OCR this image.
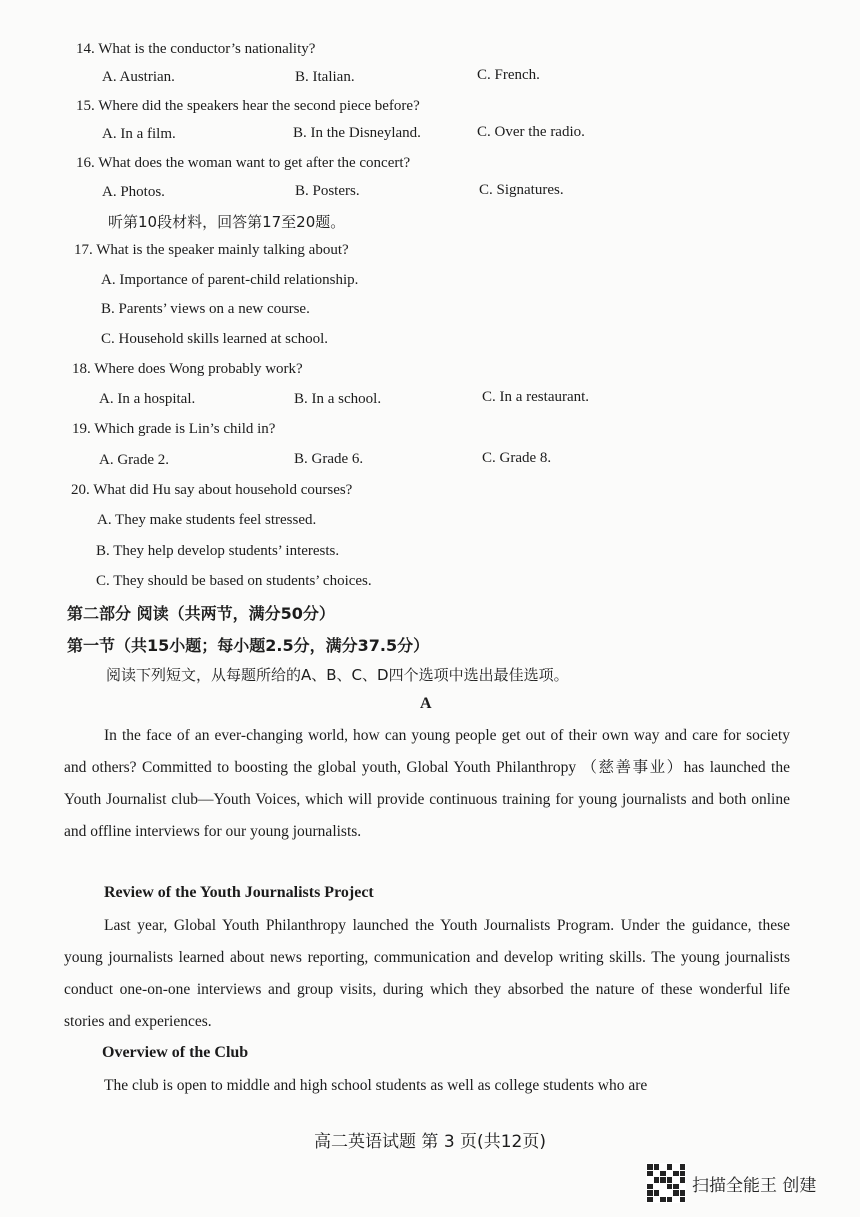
14. What is the conductor’s nationality?
A. Austrian.	B. Italian.	C. French.
15. Where did the speakers hear the second piece before?
A. In a film.	B. In the Disneyland.	C. Over the radio.
16. What does the woman want to get after the concert?
A. Photos.	B. Posters.	C. Signatures.
听第10段材料，回答第17至20题。
17. What is the speaker mainly talking about?
A. Importance of parent-child relationship.
B. Parents’ views on a new course.
C. Household skills learned at school.
18. Where does Wong probably work?
A. In a hospital.	B. In a school.	C. In a restaurant.
19. Which grade is Lin’s child in?
A. Grade 2.	B. Grade 6.	C. Grade 8.
20. What did Hu say about household courses?
A. They make students feel stressed.
B. They help develop students’ interests.
C. They should be based on students’ choices.
第二部分 阅读（共两节，满分50分）
第一节（共15小题；每小题2.5分，满分37.5分）
阅读下列短文，从每题所给的A、B、C、D四个选项中选出最佳选项。
A

In the face of an ever-changing world, how can young people get out of their own way and care for society and others? Committed to boosting the global youth, Global Youth Philanthropy （慈善事业）has launched the Youth Journalist club—Youth Voices, which will provide continuous training for young journalists and both online and offline interviews for our young journalists.

Review of the Youth Journalists Project

Last year, Global Youth Philanthropy launched the Youth Journalists Program. Under the guidance, these young journalists learned about news reporting, communication and develop writing skills. The young journalists conduct one-on-one interviews and group visits, during which they absorbed the nature of these wonderful life stories and experiences.

Overview of the Club

The club is open to middle and high school students as well as college students who are

高二英语试题 第 3 页(共12页)
扫描全能王 创建
